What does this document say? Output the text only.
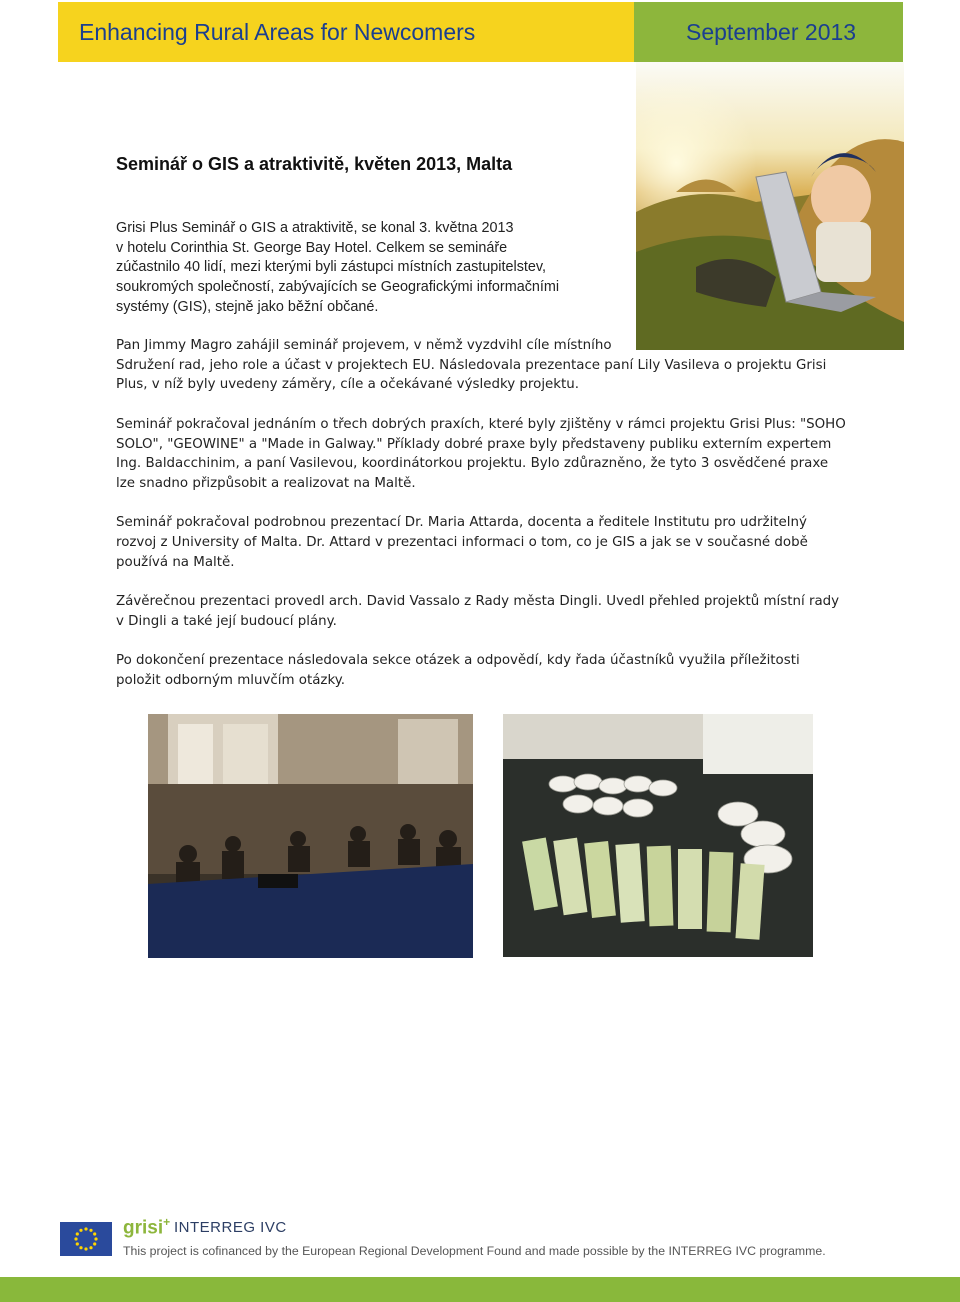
Enhancing Rural Areas for Newcomers	September 2013
Seminář o GIS a atraktivitě, květen 2013, Malta

Grisi Plus Seminář o GIS a atraktivitě, se konal 3. května 2013

v hotelu Corinthia St. George Bay Hotel. Celkem se semináře

zúčastnilo 40 lidí, mezi kterými byli zástupci místních zastupitelstev,

soukromých společností, zabývajících se Geografickými informačními

systémy (GIS), stejně jako běžní občané.

Pan Jimmy Magro zahájil seminář projevem, v němž vyzdvihl cíle místního

Sdružení rad, jeho role a účast v projektech EU. Následovala prezentace paní Lily Vasileva o projektu Grisi Plus, v níž byly uvedeny záměry, cíle a očekávané výsledky projektu.

Seminář pokračoval jednáním o třech dobrých praxích, které byly zjištěny v rámci projektu Grisi Plus: "SOHO SOLO", "GEOWINE" a "Made in Galway." Příklady dobré praxe byly představeny publiku externím expertem Ing. Baldacchinim, a paní Vasilevou, koordinátorkou projektu. Bylo zdůrazněno, že tyto 3 osvědčené praxe lze snadno přizpůsobit a realizovat na Maltě.

Seminář pokračoval podrobnou prezentací Dr. Maria Attarda, docenta a ředitele Institutu pro udržitelný rozvoj z University of Malta. Dr. Attard v prezentaci informaci o tom, co je GIS a jak se v současné době používá na Maltě.

Závěrečnou prezentaci provedl arch. David Vassalo z Rady města Dingli. Uvedl přehled projektů místní rady v Dingli a také její budoucí plány.

Po dokončení prezentace následovala sekce otázek a odpovědí, kdy řada účastníků využila příležitosti položit odborným mluvčím otázky.

grisi+ INTERREG IVC
This project is cofinanced by the European Regional Development Found and made possible by the INTERREG IVC programme.
